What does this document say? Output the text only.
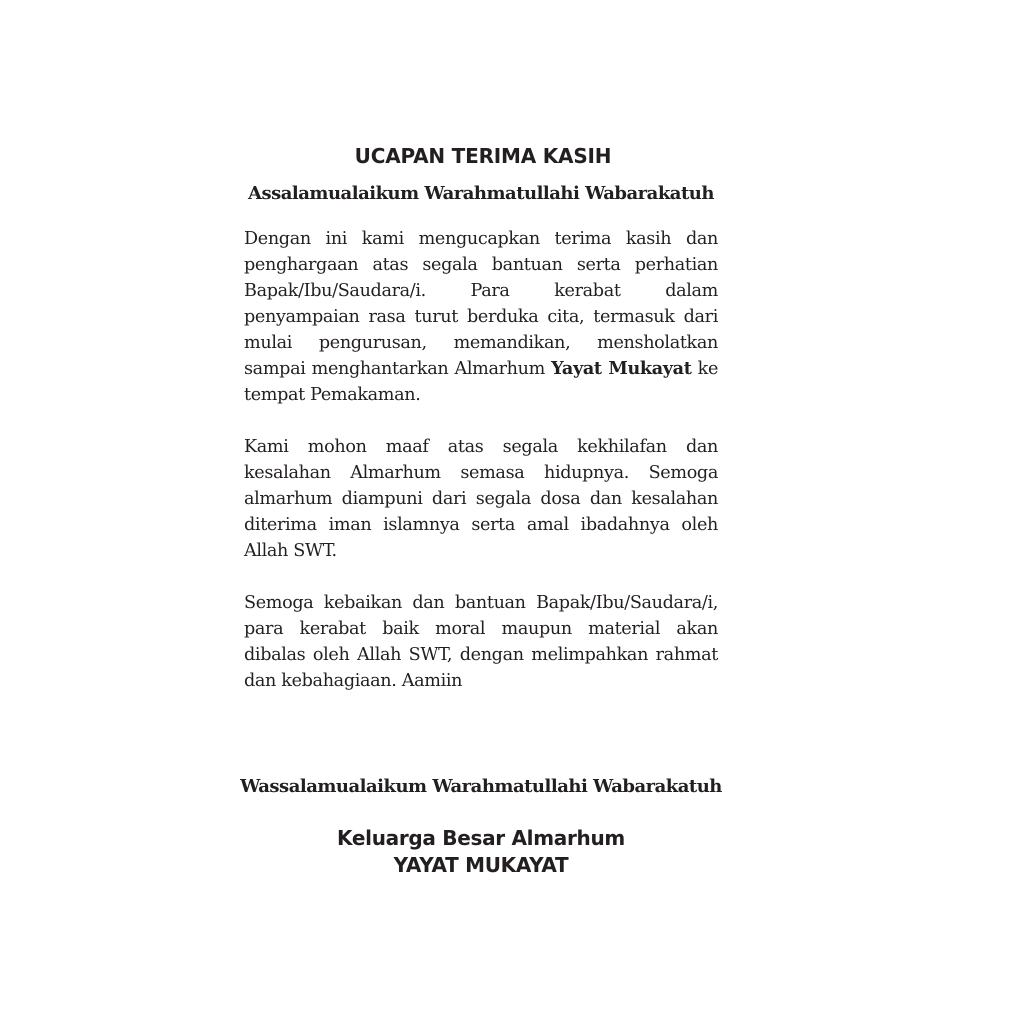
UCAPAN TERIMA KASIH

Assalamualaikum Warahmatullahi Wabarakatuh

Dengan ini kami mengucapkan terima kasih dan penghargaan atas segala bantuan serta perhatian Bapak/Ibu/Saudara/i. Para kerabat dalam penyampaian rasa turut berduka cita, termasuk dari mulai pengurusan, memandikan, mensholatkan sampai menghantarkan Almarhum Yayat Mukayat ke tempat Pemakaman.

Kami mohon maaf atas segala kekhilafan dan kesalahan Almarhum semasa hidupnya. Semoga almarhum diampuni dari segala dosa dan kesalahan diterima iman islamnya serta amal ibadahnya oleh Allah SWT.

Semoga kebaikan dan bantuan Bapak/Ibu/Saudara/i, para kerabat baik moral maupun material akan dibalas oleh Allah SWT, dengan melimpahkan rahmat dan kebahagiaan. Aamiin

Wassalamualaikum Warahmatullahi Wabarakatuh

Keluarga Besar Almarhum

YAYAT MUKAYAT
